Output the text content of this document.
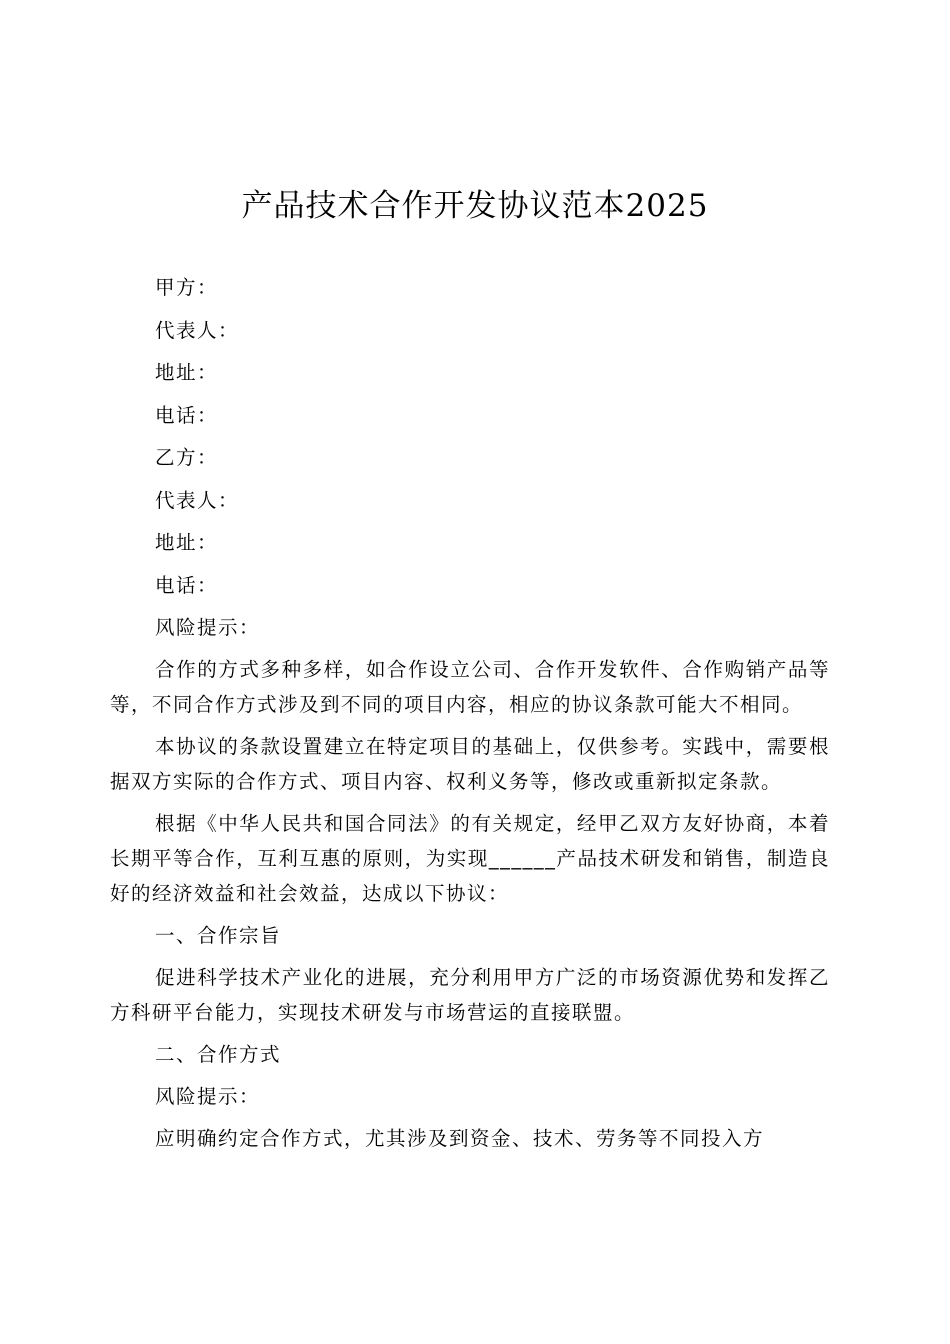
产品技术合作开发协议范本2025

甲方：

代表人：

地址：

电话：

乙方：

代表人：

地址：

电话：

风险提示：

合作的方式多种多样，如合作设立公司、合作开发软件、合作购销产品等等，不同合作方式涉及到不同的项目内容，相应的协议条款可能大不相同。

本协议的条款设置建立在特定项目的基础上，仅供参考。实践中，需要根据双方实际的合作方式、项目内容、权利义务等，修改或重新拟定条款。

根据《中华人民共和国合同法》的有关规定，经甲乙双方友好协商，本着长期平等合作，互利互惠的原则，为实现______产品技术研发和销售，制造良好的经济效益和社会效益，达成以下协议：

一、合作宗旨

促进科学技术产业化的进展，充分利用甲方广泛的市场资源优势和发挥乙方科研平台能力，实现技术研发与市场营运的直接联盟。

二、合作方式

风险提示：

应明确约定合作方式，尤其涉及到资金、技术、劳务等不同投入方
